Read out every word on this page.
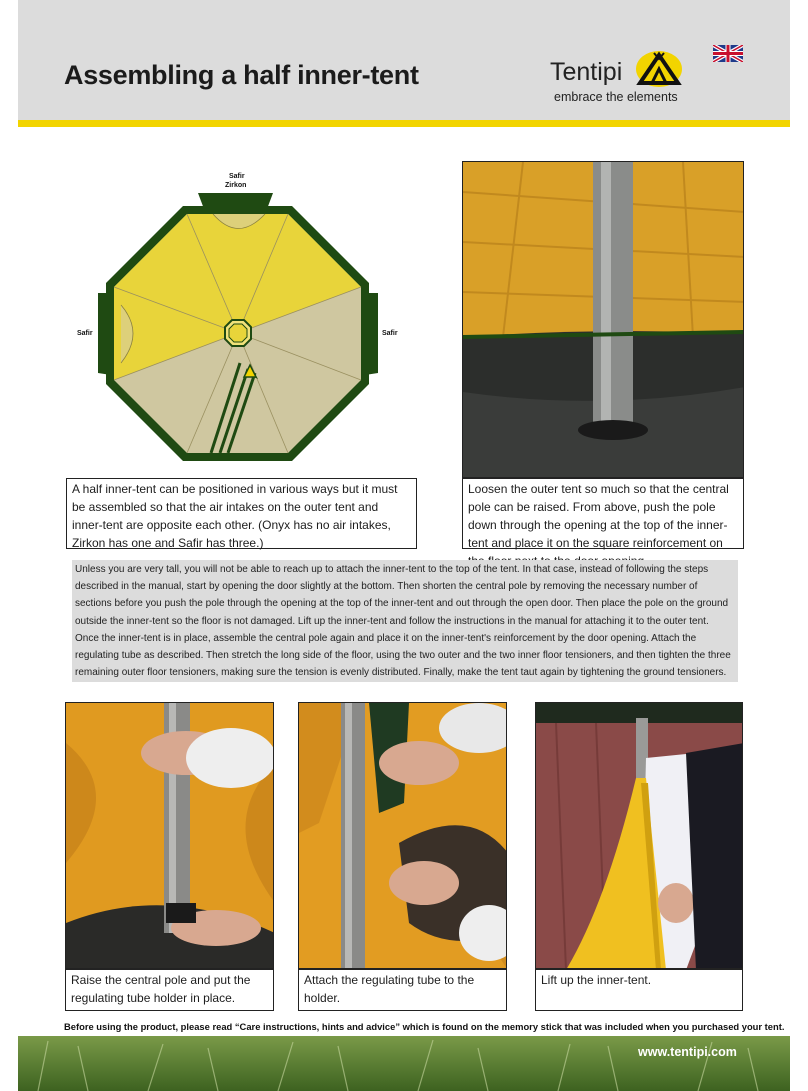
Assembling a half inner-tent	Tentipi
embrace the elements
Safir
Zirkon
Safir	Safir
A half inner-tent can be positioned in various ways but it must be assembled so that the air intakes on the outer tent and inner-tent are opposite each other. (Onyx has no air intakes, Zirkon has one and Safir has three.)
Loosen the outer tent so much so that the central pole can be raised. From above, push the pole down through the opening at the top of the inner-tent and place it on the square reinforcement on
Unless you are very tall, you will not be able to reach up to attach the inner-tent to the top of the tent. In that case, instead of following the steps described in the manual, start by opening the door slightly at the bottom. Then shorten the central pole by removing the necessary number of sections before you push the pole through the opening at the top of the inner-tent and out through the open door. Then place the pole on the ground outside the inner-tent so the floor is not damaged. Lift up the inner-tent and follow the instructions in the manual for attaching it to the outer tent. Once the inner-tent is in place, assemble the central pole again and place it on the inner-tent's reinforcement by the door opening. Attach the regulating tube as described. Then stretch the long side of the floor, using the two outer and the two inner floor tensioners, and then tighten the three remaining outer floor tensioners, making sure the tension is evenly distributed. Finally, make the tent taut again by tightening the ground tensioners.
Raise the central pole and put the regulating tube holder in place.
Attach the regulating tube to the holder.
Lift up the inner-tent.
Before using the product, please read “Care instructions, hints and advice” which is found on the memory stick that was included when you purchased your tent.
www.tentipi.com
